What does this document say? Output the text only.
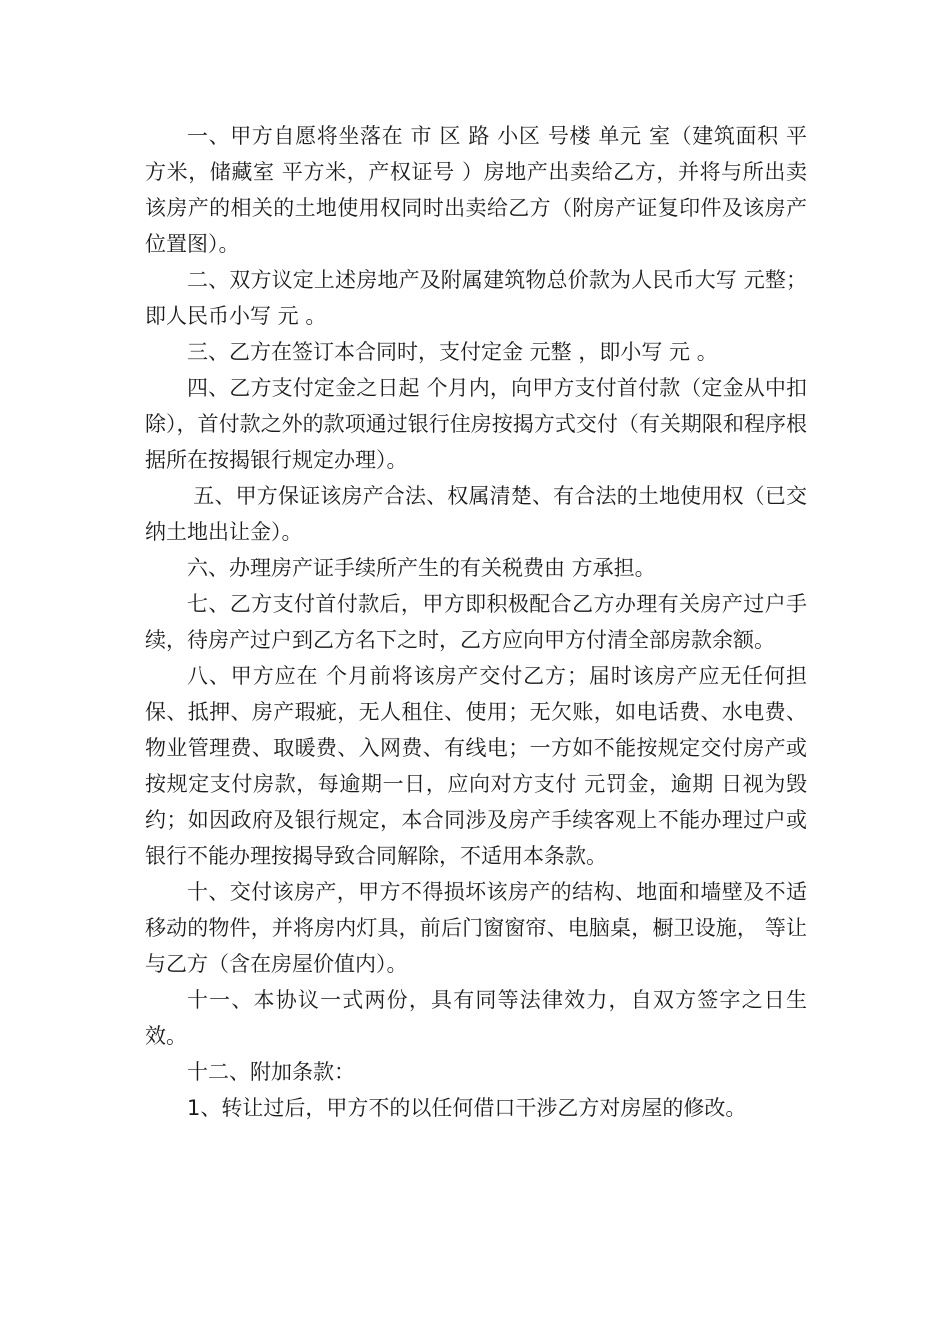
一、甲方自愿将坐落在 市 区 路 小区 号楼 单元 室（建筑面积 平方米，储藏室 平方米，产权证号 ）房地产出卖给乙方，并将与所出卖该房产的相关的土地使用权同时出卖给乙方（附房产证复印件及该房产位置图）。

二、双方议定上述房地产及附属建筑物总价款为人民币大写 元整；即人民币小写 元 。

三、乙方在签订本合同时，支付定金 元整 ，即小写 元 。

四、乙方支付定金之日起 个月内，向甲方支付首付款（定金从中扣除），首付款之外的款项通过银行住房按揭方式交付（有关期限和程序根据所在按揭银行规定办理）。

五、甲方保证该房产合法、权属清楚、有合法的土地使用权（已交纳土地出让金）。

六、办理房产证手续所产生的有关税费由 方承担。

七、乙方支付首付款后，甲方即积极配合乙方办理有关房产过户手续，待房产过户到乙方名下之时，乙方应向甲方付清全部房款余额。

八、甲方应在 个月前将该房产交付乙方；届时该房产应无任何担保、抵押、房产瑕疵，无人租住、使用；无欠账，如电话费、水电费、物业管理费、取暖费、入网费、有线电；一方如不能按规定交付房产或按规定支付房款，每逾期一日，应向对方支付 元罚金，逾期 日视为毁约；如因政府及银行规定，本合同涉及房产手续客观上不能办理过户或银行不能办理按揭导致合同解除，不适用本条款。

十、交付该房产，甲方不得损坏该房产的结构、地面和墙壁及不适移动的物件，并将房内灯具，前后门窗窗帘、电脑桌，橱卫设施， 等让与乙方（含在房屋价值内）。

十一、本协议一式两份，具有同等法律效力，自双方签字之日生效。

十二、附加条款：

1、转让过后，甲方不的以任何借口干涉乙方对房屋的修改。
